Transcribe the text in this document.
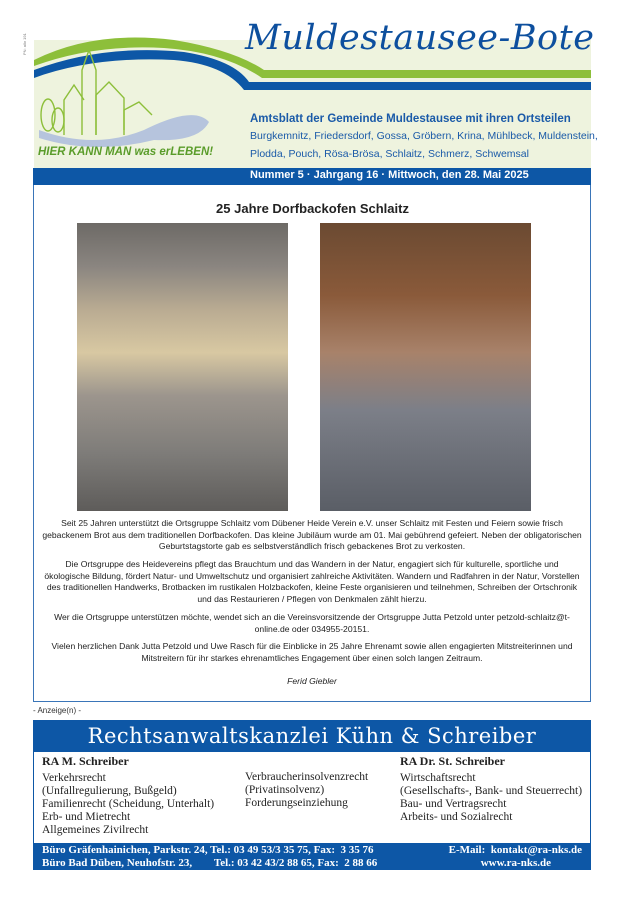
PN: allo 191	Muldestausee-Bote
Amtsblatt der Gemeinde Muldestausee mit ihren Ortsteilen
Burgkemnitz, Friedersdorf, Gossa, Gröbern, Krina, Mühlbeck, Muldenstein,
Plodda, Pouch, Rösa-Brösa, Schlaitz, Schmerz, Schwemsal
HIER KANN MAN was erLEBEN!
Nummer 5 · Jahrgang 16 · Mittwoch, den 28. Mai 2025
25 Jahre Dorfbackofen Schlaitz

Seit 25 Jahren unterstützt die Ortsgruppe Schlaitz vom Dübener Heide Verein e.V. unser Schlaitz mit Festen und Feiern sowie frisch gebackenem Brot aus dem traditionellen Dorfbackofen. Das kleine Jubiläum wurde am 01. Mai gebührend gefeiert. Neben der obligatorischen Geburtstagstorte gab es selbstverständlich frisch gebackenes Brot zu verkosten.

Die Ortsgruppe des Heidevereins pflegt das Brauchtum und das Wandern in der Natur, engagiert sich für kulturelle, sportliche und ökologische Bildung, fördert Natur- und Umweltschutz und organisiert zahlreiche Aktivitäten. Wandern und Radfahren in der Natur, Vorstellen des traditionellen Handwerks, Brotbacken im rustikalen Holzbackofen, kleine Feste organisieren und teilnehmen, Schreiben der Ortschronik und das Restaurieren / Pflegen von Denkmalen zählt hierzu.

Wer die Ortsgruppe unterstützen möchte, wendet sich an die Vereinsvorsitzende der Ortsgruppe Jutta Petzold unter petzold-schlaitz@t-online.de oder 034955-20151.

Vielen herzlichen Dank Jutta Petzold und Uwe Rasch für die Einblicke in 25 Jahre Ehrenamt sowie allen engagierten Mitstreiterinnen und Mitstreitern für ihr starkes ehrenamtliches Engagement über einen solch langen Zeitraum.

Ferid Giebler

- Anzeige(n) -
Rechtsanwaltskanzlei Kühn & Schreiber
RA M. Schreiber
Verkehrsrecht
(Unfallregulierung, Bußgeld)
Familienrecht (Scheidung, Unterhalt)
Erb- und Mietrecht
Allgemeines Zivilrecht
Verbraucherinsolvenzrecht
(Privatinsolvenz)
Forderungseinziehung
RA Dr. St. Schreiber
Wirtschaftsrecht
(Gesellschafts-, Bank- und Steuerrecht)
Bau- und Vertragsrecht
Arbeits- und Sozialrecht
Büro Gräfenhainichen, Parkstr. 24, Tel.: 03 49 53/3 35 75, Fax:  3 35 76
Büro Bad Düben, Neuhofstr. 23,        Tel.: 03 42 43/2 88 65, Fax:  2 88 66
E-Mail:  kontakt@ra-nks.de
www.ra-nks.de
